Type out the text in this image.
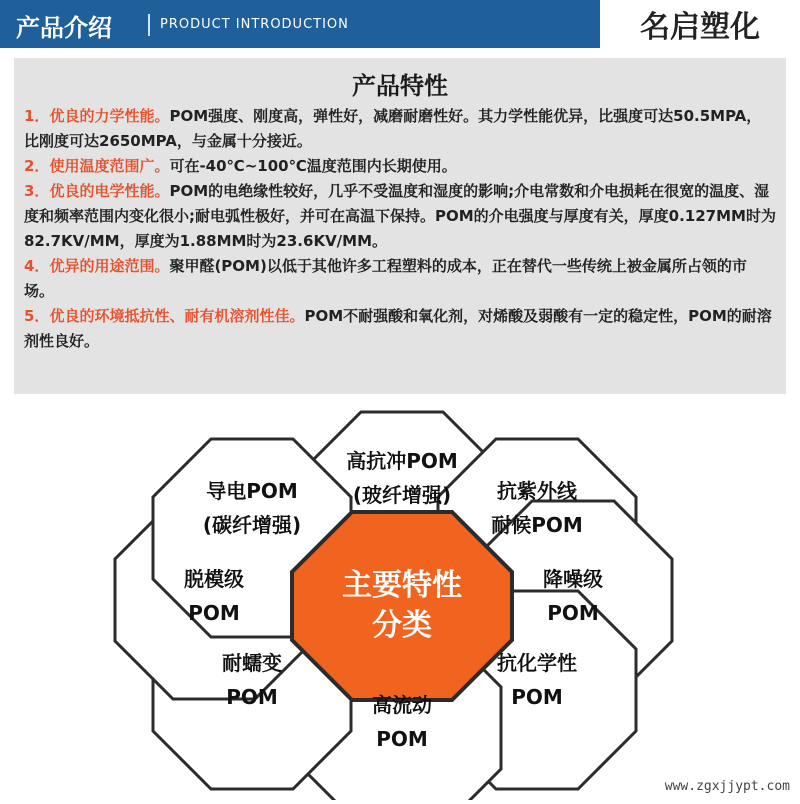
产品介绍	PRODUCT INTRODUCTION	名启塑化
产品特性

1．优良的力学性能。POM强度、刚度高，弹性好，减磨耐磨性好。其力学性能优异，比强度可达50.5MPA，比刚度可达2650MPA，与金属十分接近。

2．使用温度范围广。可在-40℃~100℃温度范围内长期使用。

3．优良的电学性能。POM的电绝缘性较好，几乎不受温度和湿度的影响;介电常数和介电损耗在很宽的温度、湿度和频率范围内变化很小;耐电弧性极好，并可在高温下保持。POM的介电强度与厚度有关，厚度0.127MM时为82.7KV/MM，厚度为1.88MM时为23.6KV/MM。

4．优异的用途范围。聚甲醛(POM)以低于其他许多工程塑料的成本，正在替代一些传统上被金属所占领的市场。

5．优良的环境抵抗性、耐有机溶剂性佳。POM不耐强酸和氧化剂，对烯酸及弱酸有一定的稳定性，POM的耐溶剂性良好。

高抗冲POM
(玻纤增强)	抗紫外线
耐候POM
降噪级
POM
抗化学性
POM
高流动
POM
耐蠕变
POM
脱模级
POM
导电POM
(碳纤增强)
主要特性
分类
www.zgxjjypt.com
